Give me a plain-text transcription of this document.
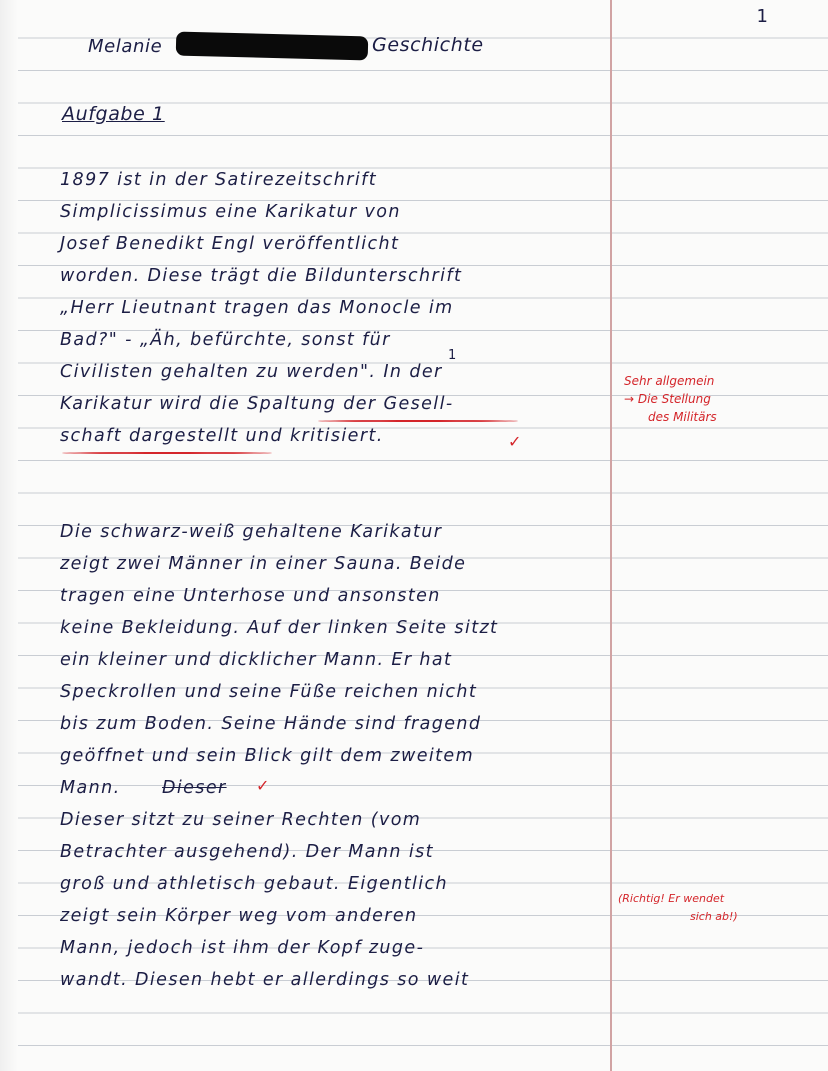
1
Melanie	Geschichte
Aufgabe 1
1897 ist in der Satirezeitschrift
Simplicissimus eine Karikatur von
Josef Benedikt Engl veröffentlicht
worden. Diese trägt die Bildunterschrift
„Herr Lieutnant tragen das Monocle im
Bad?" - „Äh, befürchte, sonst für
Civilisten gehalten zu werden". In der
1
Karikatur wird die Spaltung der Gesell-
schaft dargestellt und kritisiert.	✓
Die schwarz-weiß gehaltene Karikatur
zeigt zwei Männer in einer Sauna. Beide
tragen eine Unterhose und ansonsten
keine Bekleidung. Auf der linken Seite sitzt
ein kleiner und dicklicher Mann. Er hat
Speckrollen und seine Füße reichen nicht
bis zum Boden. Seine Hände sind fragend
geöffnet und sein Blick gilt dem zweitem
Mann. Dieser ✓
Dieser sitzt zu seiner Rechten (vom
Betrachter ausgehend). Der Mann ist
groß und athletisch gebaut. Eigentlich
zeigt sein Körper weg vom anderen
Mann, jedoch ist ihm der Kopf zuge-
wandt. Diesen hebt er allerdings so weit
Sehr allgemein
→ Die Stellung
des Militärs
(Richtig! Er wendet
sich ab!)
